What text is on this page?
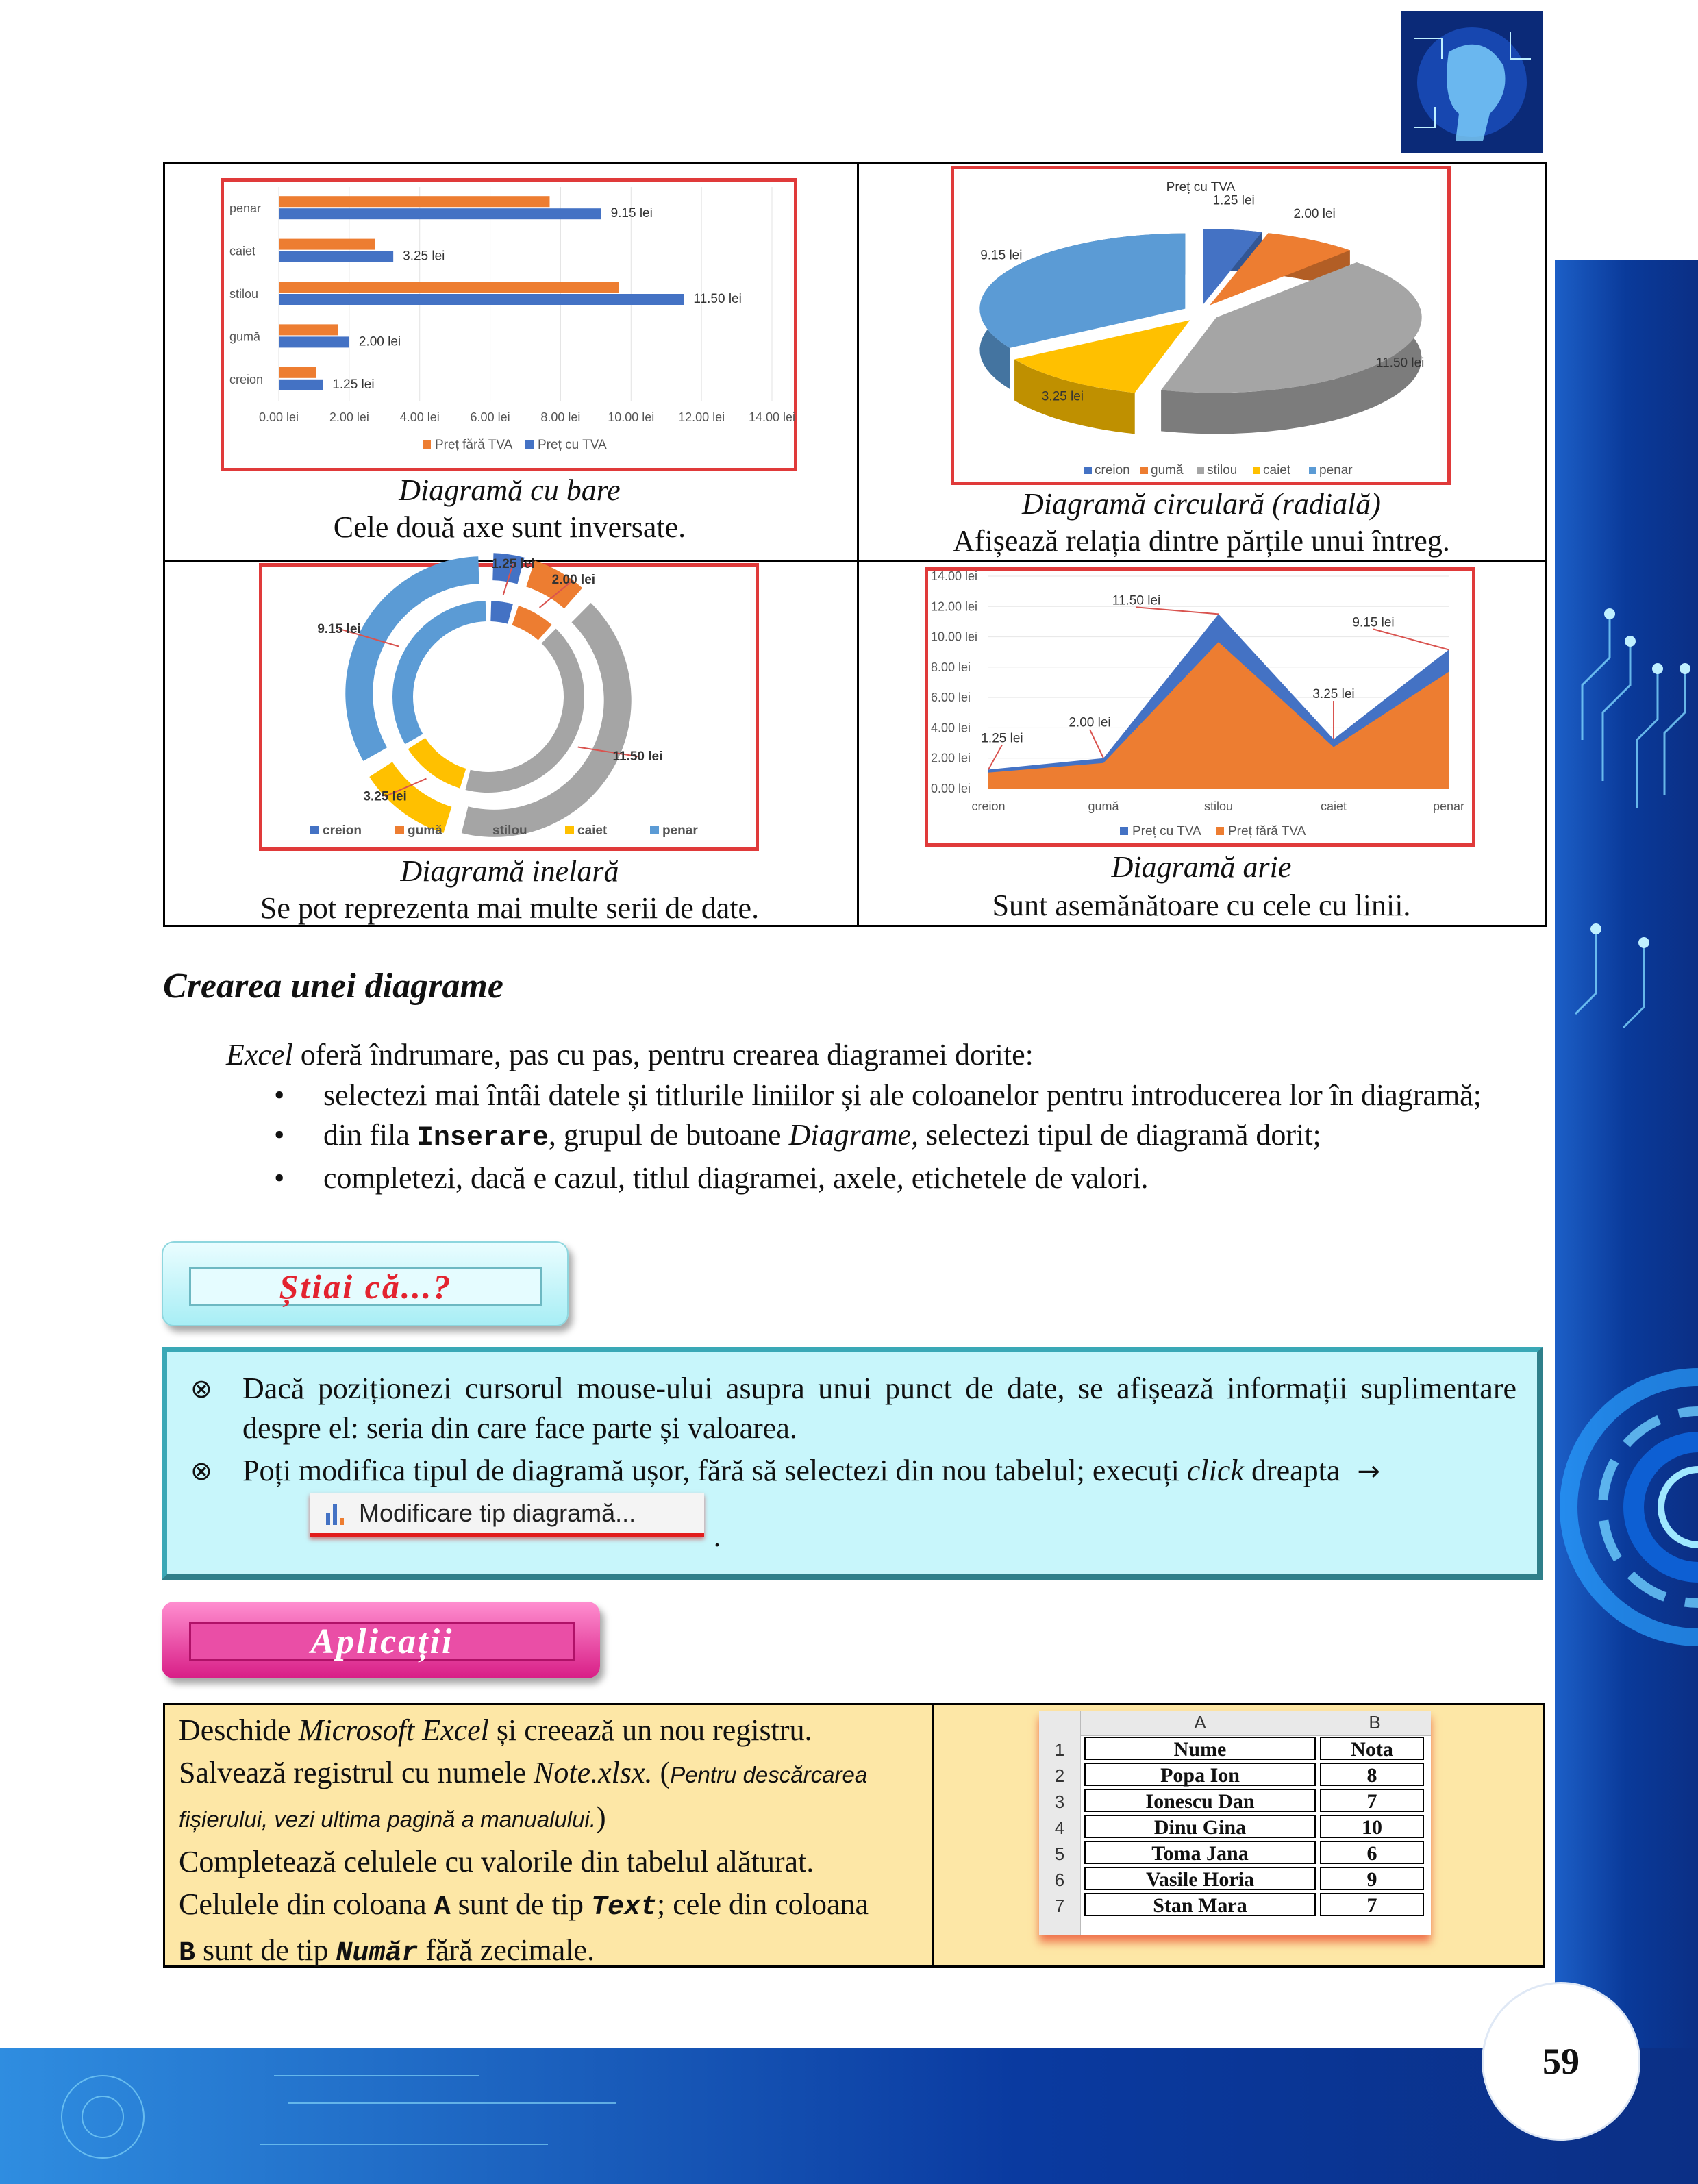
59
0.00 lei 2.00 lei 4.00 lei 6.00 lei 8.00 lei 10.00 lei 12.00 lei 14.00 lei
creion	1.25 lei
gumă	2.00 lei
stilou	11.50 lei
caiet	3.25 lei
penar	9.15 lei
Preț fără TVA Preț cu TVA
Diagramă cu bare
Cele două axe sunt inversate.
Preț cu TVA
1.25 lei
2.00 lei
11.50 lei
3.25 lei
9.15 lei
creion gumă stilou caiet penar
Diagramă circulară (radială)
Afișează relația dintre părțile unui întreg.
1.25 lei
2.00 lei
11.50 lei
3.25 lei
9.15 lei
creion	gumă	stilou	caiet	penar
Diagramă inelară
Se pot reprezenta mai multe serii de date.
0.00 lei
2.00 lei
4.00 lei
6.00 lei
8.00 lei
10.00 lei
12.00 lei
14.00 lei
creion	gumă	stilou	caiet	penar
1.25 lei
2.00 lei
11.50 lei
3.25 lei
9.15 lei
Preț cu TVA Preț fără TVA
Diagramă arie
Sunt asemănătoare cu cele cu linii.
Crearea unei diagrame
Excel oferă îndrumare, pas cu pas, pentru crearea diagramei dorite:
• selectezi mai întâi datele și titlurile liniilor și ale coloanelor pentru introducerea lor în diagramă;
• din fila Inserare, grupul de butoane Diagrame, selectezi tipul de diagramă dorit;
• completezi, dacă e cazul, titlul diagramei, axele, etichetele de valori.
Știai că...?
⊗ Dacă poziționezi cursorul mouse-ului asupra unui punct de date, se afișează informații suplimentare despre el: seria din care face parte și valoarea.
⊗ Poți modifica tipul de diagramă ușor, fără să selectezi din nou tabelul; execuți click dreapta →
Modificare tip diagramă...
.
Aplicații
Deschide Microsoft Excel și creează un nou registru.
Salvează registrul cu numele Note.xlsx. (Pentru descărcarea fișierului, vezi ultima pagină a manualului.)
Completează celulele cu valorile din tabelul alăturat.
Celulele din coloana A sunt de tip Text; cele din coloana
B sunt de tip Număr fără zecimale.
A	B
1	Nume	Nota
2	Popa Ion	8
3	Ionescu Dan	7
4	Dinu Gina	10
5	Toma Jana	6
6	Vasile Horia	9
7	Stan Mara	7
